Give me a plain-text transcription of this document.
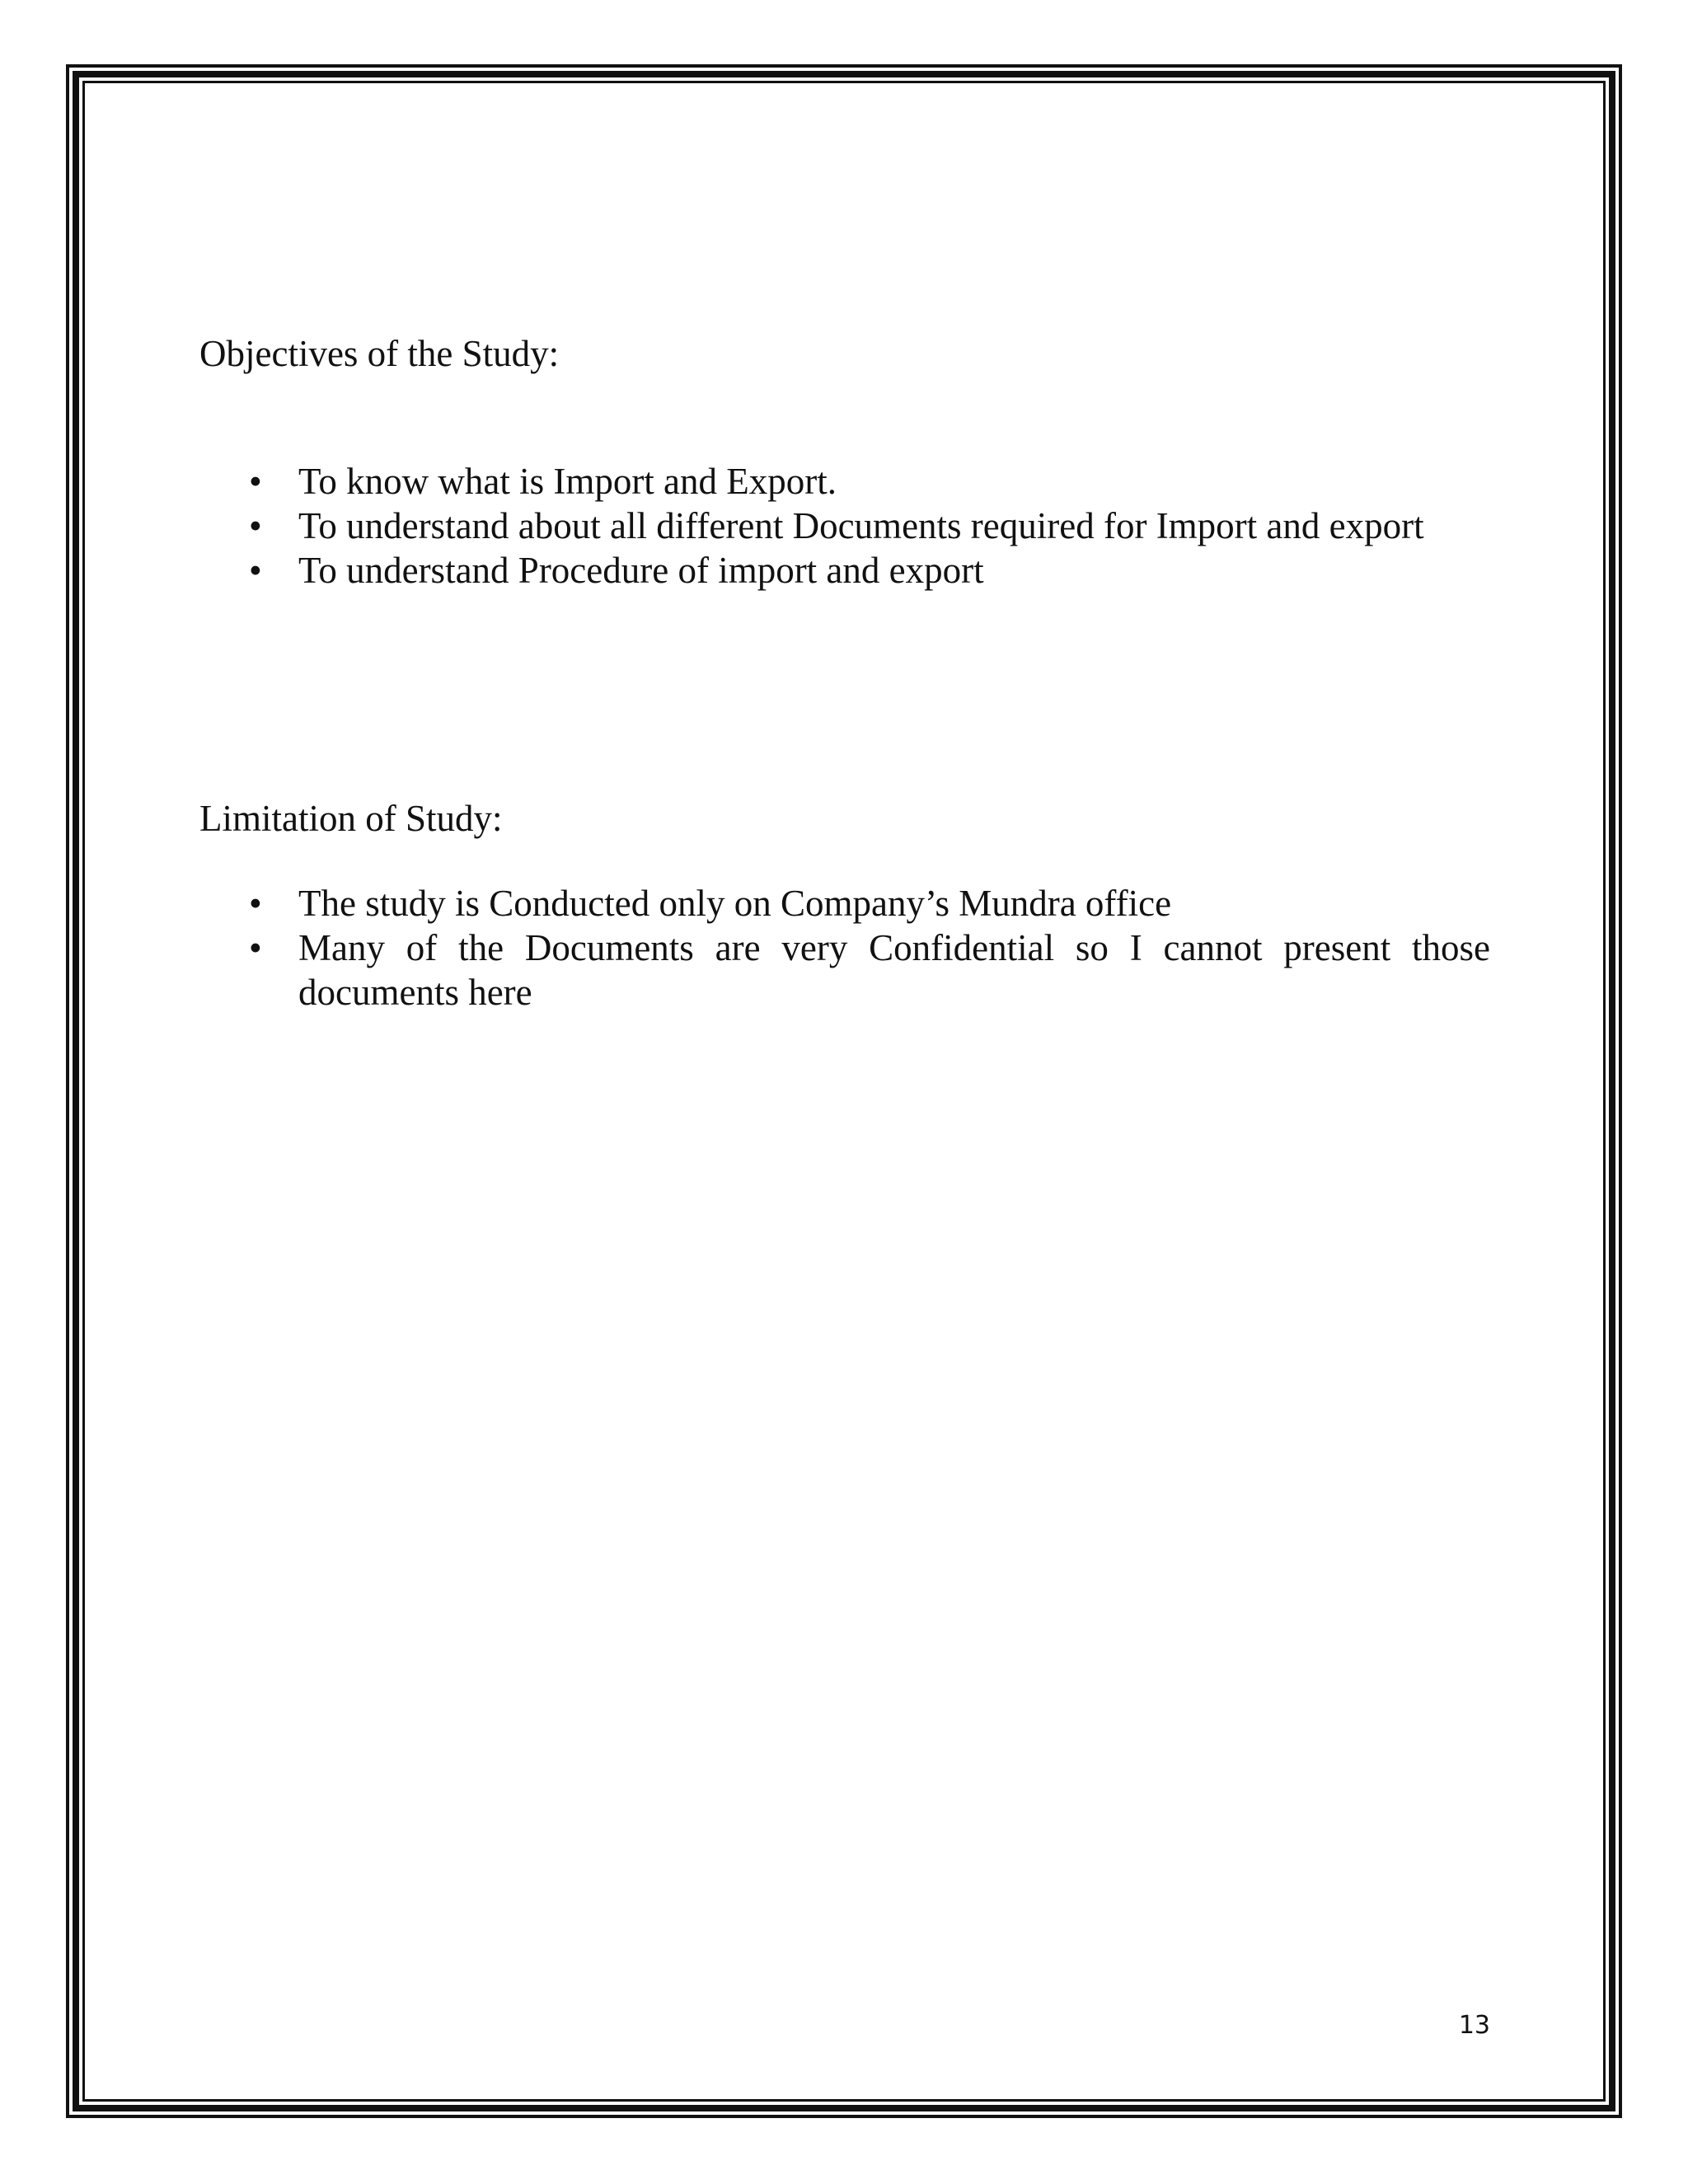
Objectives of the Study:
• To know what is Import and Export.
• To understand about all different Documents required for Import and export
• To understand Procedure of import and export
Limitation of Study:
• The study is Conducted only on Company’s Mundra office
• Many of the Documents are very Confidential so I cannot present those documents here
13
